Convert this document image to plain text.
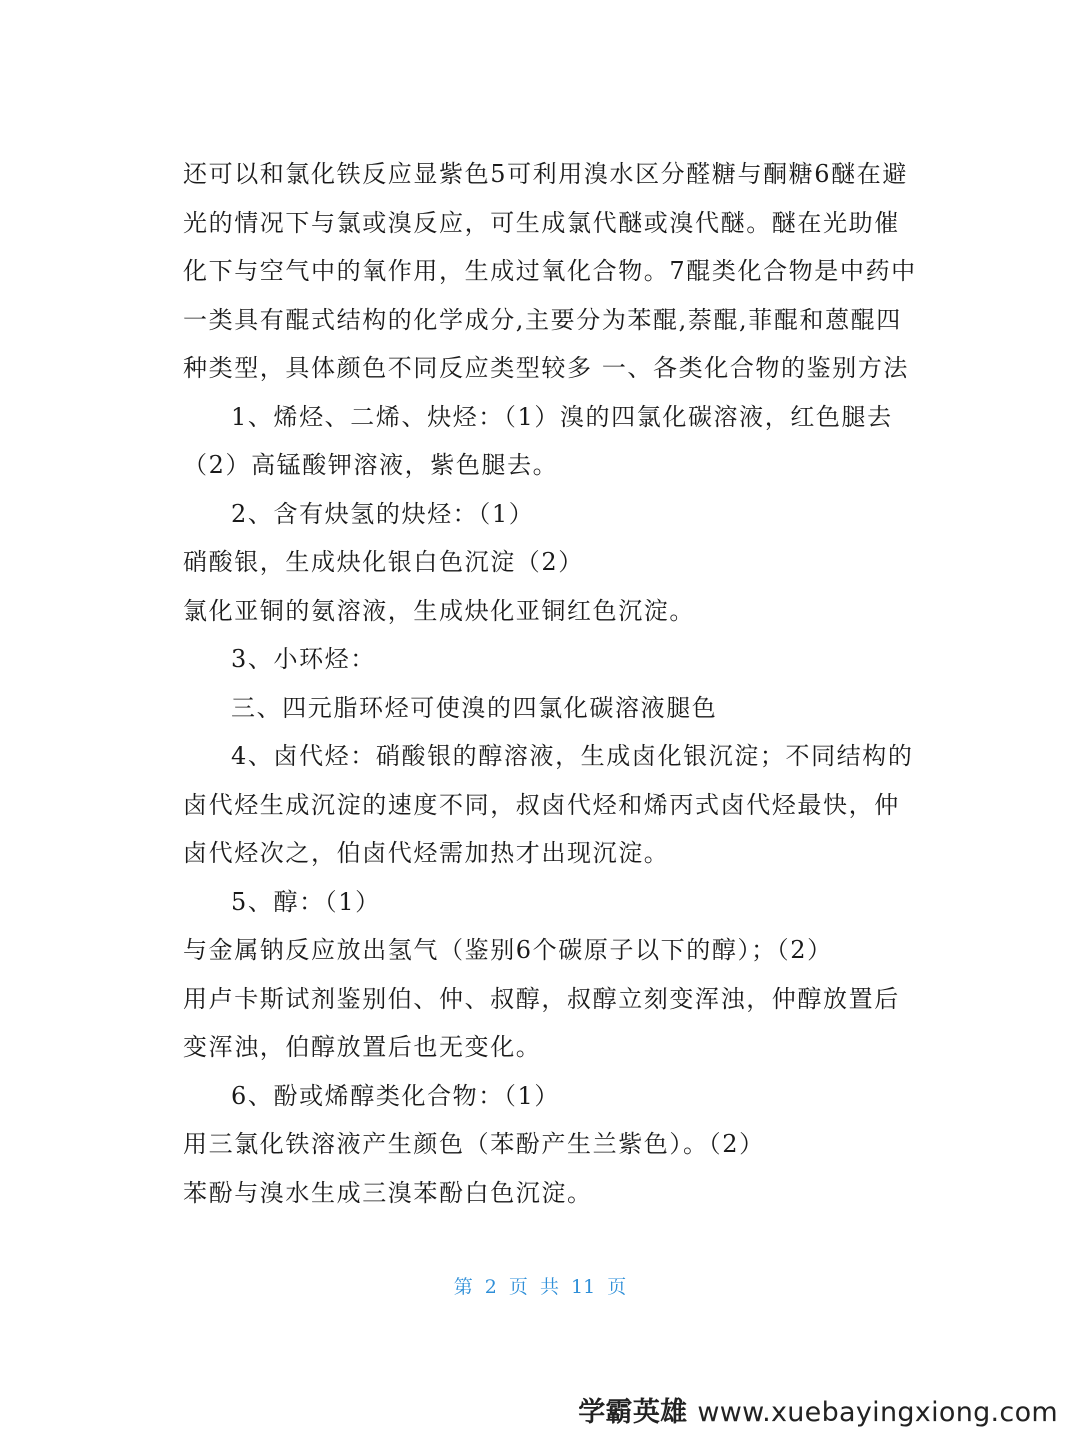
还可以和氯化铁反应显紫色5可利用溴水区分醛糖与酮糖6醚在避
光的情况下与氯或溴反应，可生成氯代醚或溴代醚。醚在光助催
化下与空气中的氧作用，生成过氧化合物。7醌类化合物是中药中
一类具有醌式结构的化学成分,主要分为苯醌,萘醌,菲醌和蒽醌四
种类型，具体颜色不同反应类型较多 一、各类化合物的鉴别方法
1、烯烃、二烯、炔烃：（1）溴的四氯化碳溶液，红色腿去
（2）高锰酸钾溶液，紫色腿去。
2、含有炔氢的炔烃：（1）
硝酸银，生成炔化银白色沉淀（2）
氯化亚铜的氨溶液，生成炔化亚铜红色沉淀。
3、小环烃：
三、四元脂环烃可使溴的四氯化碳溶液腿色
4、卤代烃：硝酸银的醇溶液，生成卤化银沉淀；不同结构的
卤代烃生成沉淀的速度不同，叔卤代烃和烯丙式卤代烃最快，仲
卤代烃次之，伯卤代烃需加热才出现沉淀。
5、醇：（1）
与金属钠反应放出氢气（鉴别6个碳原子以下的醇）；（2）
用卢卡斯试剂鉴别伯、仲、叔醇，叔醇立刻变浑浊，仲醇放置后
变浑浊，伯醇放置后也无变化。
6、酚或烯醇类化合物：（1）
用三氯化铁溶液产生颜色（苯酚产生兰紫色）。（2）
苯酚与溴水生成三溴苯酚白色沉淀。
第 2 页 共 11 页
学霸英雄 www.xuebayingxiong.com
